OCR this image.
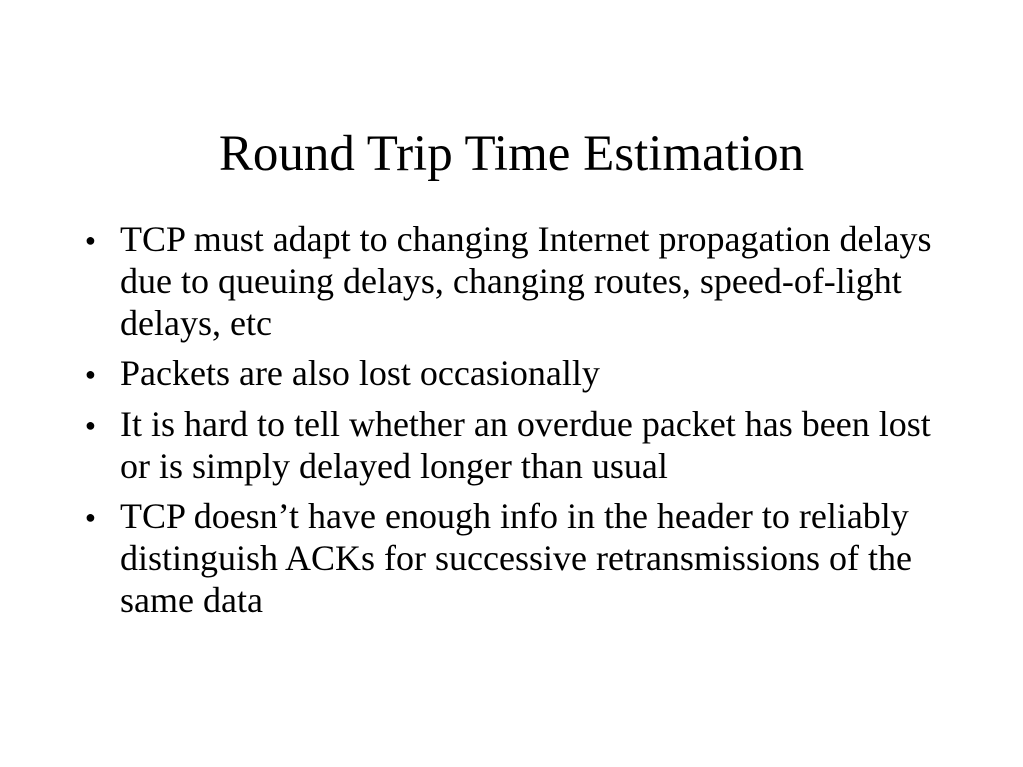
Round Trip Time Estimation
● TCP must adapt to changing Internet propagation delays due to queuing delays, changing routes, speed-of-light delays, etc
● Packets are also lost occasionally
● It is hard to tell whether an overdue packet has been lost or is simply delayed longer than usual
● TCP doesn’t have enough info in the header to reliably distinguish ACKs for successive retransmissions of the same data
